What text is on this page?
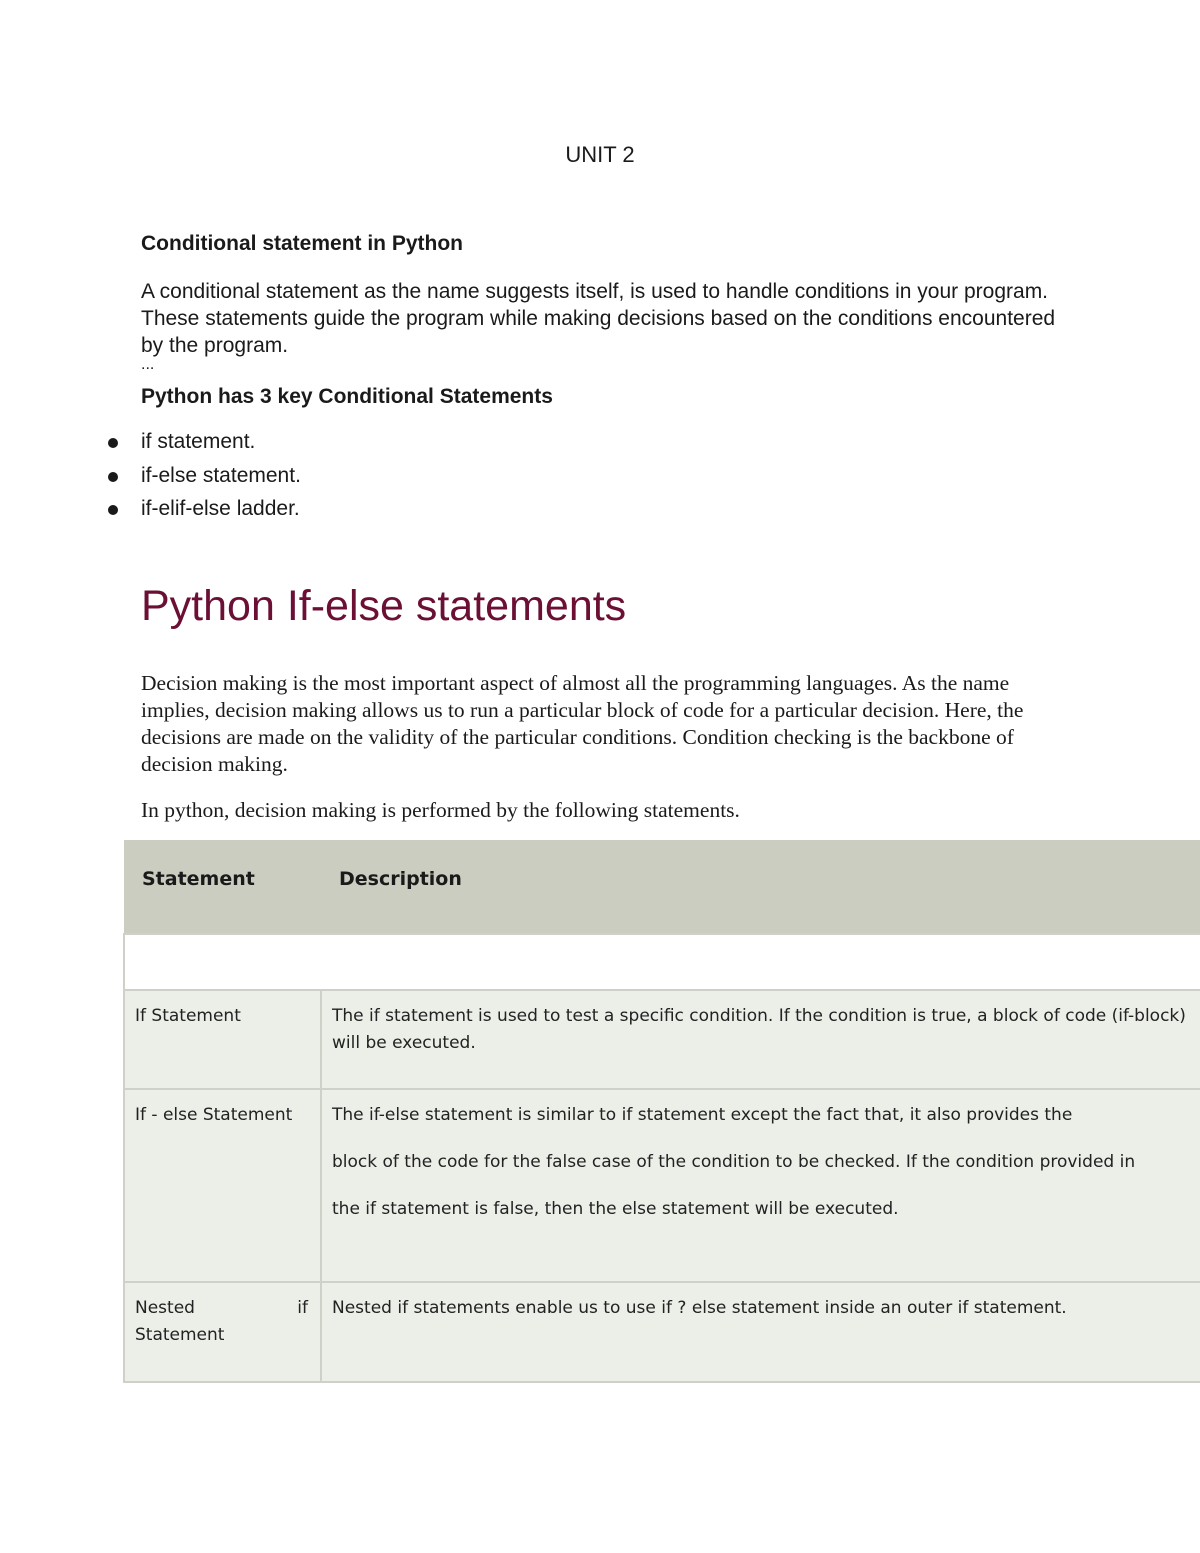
UNIT 2
Conditional statement in Python

A conditional statement as the name suggests itself, is used to handle conditions in your program. These statements guide the program while making decisions based on the conditions encountered by the program.

...
Python has 3 key Conditional Statements
if statement.
if-else statement.
if-elif-else ladder.
Python If-else statements

Decision making is the most important aspect of almost all the programming languages. As the name implies, decision making allows us to run a particular block of code for a particular decision. Here, the decisions are made on the validity of the particular conditions. Condition checking is the backbone of decision making.

In python, decision making is performed by the following statements.

Statement	Description

If Statement	The if statement is used to test a specific condition. If the condition is true, a block of code (if-block) will be executed.

If - else Statement	The if-else statement is similar to if statement except the fact that, it also provides the
block of the code for the false case of the condition to be checked. If the condition provided in
the if statement is false, then the else statement will be executed.

Nested if
Statement	Nested if statements enable us to use if ? else statement inside an outer if statement.
